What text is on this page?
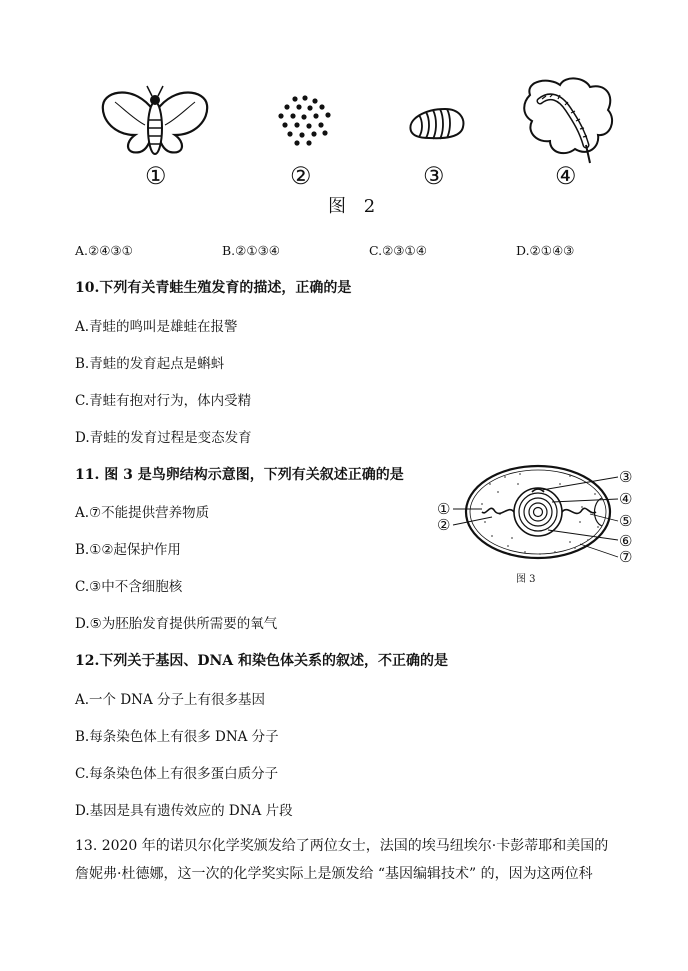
①	②	③	④
图 2
A.②④③①	B.②①③④	C.②③①④	D.②①④③
10.下列有关青蛙生殖发育的描述，正确的是
A.青蛙的鸣叫是雄蛙在报警
B.青蛙的发育起点是蝌蚪
C.青蛙有抱对行为，体内受精
D.青蛙的发育过程是变态发育
11. 图 3 是鸟卵结构示意图，下列有关叙述正确的是
A.⑦不能提供营养物质
B.①②起保护作用
C.③中不含细胞核
D.⑤为胚胎发育提供所需要的氧气
①
②
③
④
⑤
⑥
⑦
图 3
12.下列关于基因、DNA 和染色体关系的叙述，不正确的是
A.一个 DNA 分子上有很多基因
B.每条染色体上有很多 DNA 分子
C.每条染色体上有很多蛋白质分子
D.基因是具有遗传效应的 DNA 片段
13. 2020 年的诺贝尔化学奖颁发给了两位女士，法国的埃马纽埃尔·卡彭蒂耶和美国的
詹妮弗·杜德娜，这一次的化学奖实际上是颁发给 “基因编辑技术” 的，因为这两位科
